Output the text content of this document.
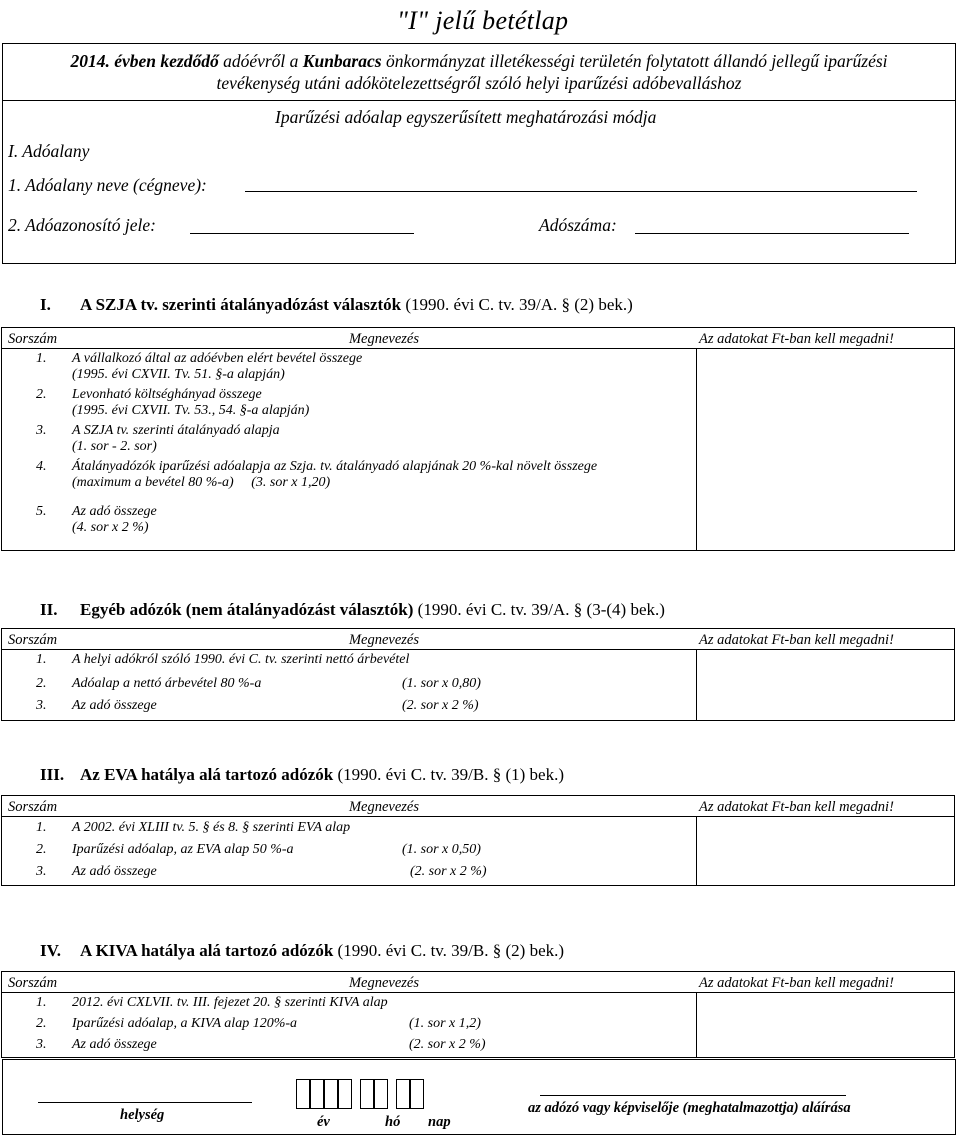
"I" jelű betétlap
2014. évben kezdődő adóévről a Kunbaracs önkormányzat illetékességi területén folytatott állandó jellegű iparűzési
tevékenység utáni adókötelezettségről szóló helyi iparűzési adóbevalláshoz
Iparűzési adóalap egyszerűsített meghatározási módja
I. Adóalany
1. Adóalany neve (cégneve):
2. Adóazonosító jele:	Adószáma:
I. A SZJA tv. szerinti átalányadózást választók (1990. évi C. tv. 39/A. § (2) bek.)
Sorszám	Megnevezés	Az adatokat Ft-ban kell megadni!
1.	A vállalkozó által az adóévben elért bevétel összege
(1995. évi CXVII. Tv. 51. §-a alapján)	

2.	Levonható költséghányad összege
(1995. évi CXVII. Tv. 53., 54. §-a alapján)	

3.	A SZJA tv. szerinti átalányadó alapja
(1. sor - 2. sor)	

4.	Átalányadózók iparűzési adóalapja az Szja. tv. átalányadó alapjának 20 %-kal növelt összege
(maximum a bevétel 80 %-a)     (3. sor x 1,20)	

5.	Az adó összege
(4. sor x 2 %)	

II. Egyéb adózók (nem átalányadózást választók) (1990. évi C. tv. 39/A. § (3-(4) bek.)
Sorszám	Megnevezés	Az adatokat Ft-ban kell megadni!
1.	A helyi adókról szóló 1990. évi C. tv. szerinti nettó árbevétel	
2.	Adóalap a nettó árbevétel 80 %-a (1. sor x 0,80)	

3.	Az adó összege (2. sor x 2 %)	

III. Az EVA hatálya alá tartozó adózók (1990. évi C. tv. 39/B. § (1) bek.)
Sorszám	Megnevezés	Az adatokat Ft-ban kell megadni!
1.	A 2002. évi XLIII tv. 5. § és 8. § szerinti EVA alap	
2.	Iparűzési adóalap, az EVA alap 50 %-a (1. sor x 0,50)	

3.	Az adó összege (2. sor x 2 %)	

IV. A KIVA hatálya alá tartozó adózók (1990. évi C. tv. 39/B. § (2) bek.)
Sorszám	Megnevezés	Az adatokat Ft-ban kell megadni!
1.	2012. évi CXLVII. tv. III. fejezet 20. § szerinti KIVA alap	
2.	Iparűzési adóalap, a KIVA alap 120%-a (1. sor x 1,2)	

3.	Az adó összege (2. sor x 2 %)	

helység	év	hó nap
az adózó vagy képviselője (meghatalmazottja) aláírása
